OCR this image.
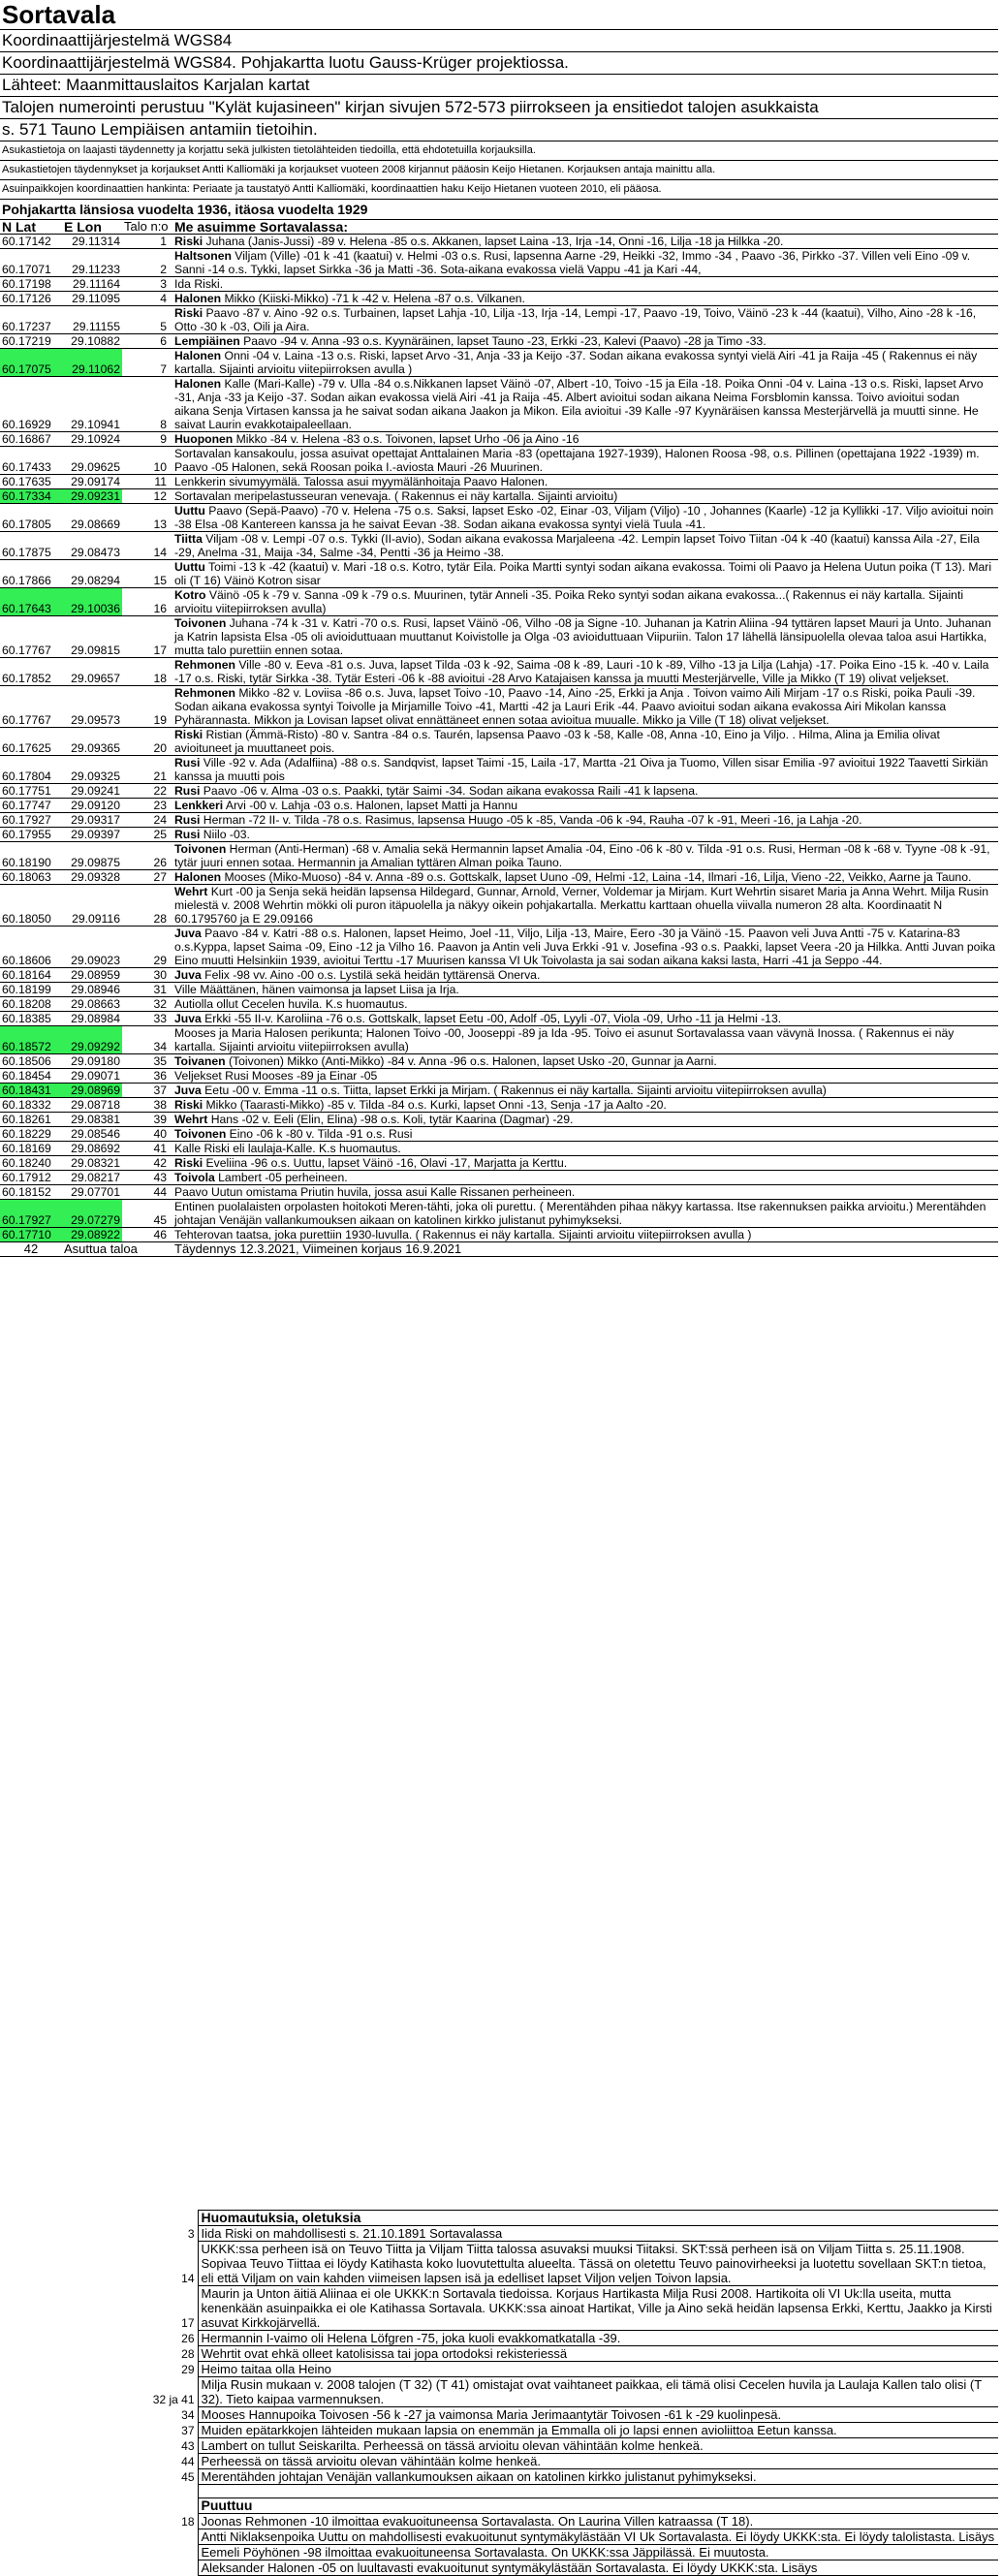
Sortavala
Koordinaattijärjestelmä WGS84
Koordinaattijärjestelmä WGS84. Pohjakartta luotu Gauss-Krüger projektiossa.
Lähteet: Maanmittauslaitos Karjalan kartat
Talojen numerointi perustuu "Kylät kujasineen" kirjan sivujen 572-573 piirrokseen ja ensitiedot talojen asukkaista
s. 571 Tauno Lempiäisen antamiin tietoihin.
Asukastietoja on laajasti täydennetty ja korjattu sekä julkisten tietolähteiden tiedoilla, että ehdotetuilla korjauksilla.
Asukastietojen täydennykset ja korjaukset Antti Kalliomäki ja korjaukset vuoteen 2008 kirjannut pääosin Keijo Hietanen. Korjauksen antaja mainittu alla.
Asuinpaikkojen koordinaattien hankinta: Periaate ja taustatyö Antti Kalliomäki, koordinaattien haku Keijo Hietanen vuoteen 2010, eli pääosa.
Pohjakartta länsiosa vuodelta 1936, itäosa vuodelta 1929
N Lat	E Lon	Talo n:o	Me asuimme Sortavalassa:
60.17142	29.11314	1	Riski Juhana (Janis-Jussi) -89 v. Helena -85 o.s. Akkanen, lapset Laina -13, Irja -14, Onni -16, Lilja -18 ja Hilkka -20.
60.17071	29.11233	2	Haltsonen Viljam (Ville) -01 k -41 (kaatui) v. Helmi -03 o.s. Rusi, lapsenna Aarne -29, Heikki -32, Immo -34 , Paavo -36, Pirkko -37. Villen veli Eino -09 v. Sanni -14 o.s. Tykki, lapset Sirkka -36 ja Matti -36. Sota-aikana evakossa vielä Vappu -41 ja Kari -44,
60.17198	29.11164	3	Ida Riski.
60.17126	29.11095	4	Halonen Mikko (Kiiski-Mikko) -71 k -42 v. Helena -87 o.s. Vilkanen.
60.17237	29.11155	5	Riski Paavo -87 v. Aino -92 o.s. Turbainen, lapset Lahja -10, Lilja -13, Irja -14, Lempi -17, Paavo -19, Toivo, Väinö -23 k -44 (kaatui), Vilho, Aino -28 k -16, Otto -30 k -03, Oili ja Aira.
60.17219	29.10882	6	Lempiäinen Paavo -94 v. Anna -93 o.s. Kyynäräinen, lapset Tauno -23, Erkki -23, Kalevi (Paavo) -28 ja Timo -33.
60.17075	29.11062	7	Halonen Onni -04 v. Laina -13 o.s. Riski, lapset Arvo -31, Anja -33 ja Keijo -37. Sodan aikana evakossa syntyi vielä Airi -41 ja Raija -45 ( Rakennus ei näy kartalla. Sijainti arvioitu viitepiirroksen avulla )
60.16929	29.10941	8	Halonen Kalle (Mari-Kalle) -79 v. Ulla -84 o.s.Nikkanen lapset Väinö -07, Albert -10, Toivo -15 ja Eila -18. Poika Onni -04 v. Laina -13 o.s. Riski, lapset Arvo -31, Anja -33 ja Keijo -37. Sodan aikan evakossa vielä Airi -41 ja Raija -45. Albert avioitui sodan aikana Neima Forsblomin kanssa. Toivo avioitui sodan aikana Senja Virtasen kanssa ja he saivat sodan aikana Jaakon ja Mikon. Eila avioitui -39 Kalle -97 Kyynäräisen kanssa Mesterjärvellä ja muutti sinne. He saivat Laurin evakkotaipaleellaan.
60.16867	29.10924	9	Huoponen Mikko -84 v. Helena -83 o.s. Toivonen, lapset Urho -06 ja Aino -16
60.17433	29.09625	10	Sortavalan kansakoulu, jossa asuivat opettajat Anttalainen Maria -83 (opettajana 1927-1939), Halonen Roosa -98, o.s. Pillinen (opettajana 1922 -1939) m. Paavo -05 Halonen, sekä Roosan poika I.-aviosta Mauri -26 Muurinen.
60.17635	29.09174	11	Lenkkerin sivumyymälä. Talossa asui myymälänhoitaja Paavo Halonen.
60.17334	29.09231	12	Sortavalan meripelastusseuran venevaja. ( Rakennus ei näy kartalla. Sijainti arvioitu)
60.17805	29.08669	13	Uuttu Paavo (Sepä-Paavo) -70 v. Helena -75 o.s. Saksi, lapset Esko -02, Einar -03, Viljam (Viljo) -10 , Johannes (Kaarle) -12 ja Kyllikki -17. Viljo avioitui noin -38 Elsa -08 Kantereen kanssa ja he saivat Eevan -38. Sodan aikana evakossa syntyi vielä Tuula -41.
60.17875	29.08473	14	Tiitta Viljam -08 v. Lempi -07 o.s. Tykki (II-avio), Sodan aikana evakossa Marjaleena -42. Lempin lapset Toivo Tiitan -04 k -40 (kaatui) kanssa Aila -27, Eila -29, Anelma -31, Maija -34, Salme -34, Pentti -36 ja Heimo -38.
60.17866	29.08294	15	Uuttu Toimi -13 k -42 (kaatui) v. Mari -18 o.s. Kotro, tytär Eila. Poika Martti syntyi sodan aikana evakossa. Toimi oli Paavo ja Helena Uutun poika (T 13). Mari oli (T 16) Väinö Kotron sisar
60.17643	29.10036	16	Kotro Väinö -05 k -79 v. Sanna -09 k -79 o.s. Muurinen, tytär Anneli -35. Poika Reko syntyi sodan aikana evakossa...( Rakennus ei näy kartalla. Sijainti arvioitu viitepiirroksen avulla)
60.17767	29.09815	17	Toivonen Juhana -74 k -31 v. Katri -70 o.s. Rusi, lapset Väinö -06, Vilho -08 ja Signe -10. Juhanan ja Katrin Aliina -94 tyttären lapset Mauri ja Unto. Juhanan ja Katrin lapsista Elsa -05 oli avioiduttuaan muuttanut Koivistolle ja Olga -03 avioiduttuaan Viipuriin. Talon 17 lähellä länsipuolella olevaa taloa asui Hartikka, mutta talo purettiin ennen sotaa.
60.17852	29.09657	18	Rehmonen Ville -80 v. Eeva -81 o.s. Juva, lapset Tilda -03 k -92, Saima -08 k -89, Lauri -10 k -89, Vilho -13 ja Lilja (Lahja) -17. Poika Eino -15 k. -40 v. Laila -17 o.s. Riski, tytär Sirkka -38. Tytär Esteri -06 k -88 avioitui -28 Arvo Katajaisen kanssa ja muutti Mesterjärvelle, Ville ja Mikko (T 19) olivat veljekset.
60.17767	29.09573	19	Rehmonen Mikko -82 v. Loviisa -86 o.s. Juva, lapset Toivo -10, Paavo -14, Aino -25, Erkki ja Anja . Toivon vaimo Aili Mirjam -17 o.s Riski, poika Pauli -39. Sodan aikana evakossa syntyi Toivolle ja Mirjamille Toivo -41, Martti -42 ja Lauri Erik -44. Paavo avioitui sodan aikana evakossa Airi Mikolan kanssa Pyhärannasta. Mikkon ja Lovisan lapset olivat ennättäneet ennen sotaa avioitua muualle. Mikko ja Ville (T 18) olivat veljekset.
60.17625	29.09365	20	Riski Ristian (Ämmä-Risto) -80 v. Santra -84 o.s. Taurén, lapsensa Paavo -03 k -58, Kalle -08, Anna -10, Eino ja Viljo. . Hilma, Alina ja Emilia olivat avioituneet ja muuttaneet pois.
60.17804	29.09325	21	Rusi Ville -92 v. Ada (Adalfiina) -88 o.s. Sandqvist, lapset Taimi -15, Laila -17, Martta -21 Oiva ja Tuomo, Villen sisar Emilia -97 avioitui 1922 Taavetti Sirkiän kanssa ja muutti pois
60.17751	29.09241	22	Rusi Paavo -06 v. Alma -03 o.s. Paakki, tytär Saimi -34. Sodan aikana evakossa Raili -41 k lapsena.
60.17747	29.09120	23	Lenkkeri Arvi -00 v. Lahja -03 o.s. Halonen, lapset Matti ja Hannu
60.17927	29.09317	24	Rusi Herman -72 II- v. Tilda -78 o.s. Rasimus, lapsensa Huugo -05 k -85, Vanda -06 k -94, Rauha -07 k -91, Meeri -16, ja Lahja -20.
60.17955	29.09397	25	Rusi Niilo -03.
60.18190	29.09875	26	Toivonen Herman (Anti-Herman) -68 v. Amalia sekä Hermannin lapset Amalia -04, Eino -06 k -80 v. Tilda -91 o.s. Rusi, Herman -08 k -68 v. Tyyne -08 k -91, tytär juuri ennen sotaa. Hermannin ja Amalian tyttären Alman poika Tauno.
60.18063	29.09328	27	Halonen Mooses (Miko-Muoso) -84 v. Anna -89 o.s. Gottskalk, lapset Uuno -09, Helmi -12, Laina -14, Ilmari -16, Lilja, Vieno -22, Veikko, Aarne ja Tauno.
60.18050	29.09116	28	Wehrt Kurt -00 ja Senja sekä heidän lapsensa Hildegard, Gunnar, Arnold, Verner, Voldemar ja Mirjam. Kurt Wehrtin sisaret Maria ja Anna Wehrt. Milja Rusin mielestä v. 2008 Wehrtin mökki oli puron itäpuolella ja näkyy oikein pohjakartalla. Merkattu karttaan ohuella viivalla numeron 28 alta. Koordinaatit N 60.1795760 ja E 29.09166
60.18606	29.09023	29	Juva Paavo -84 v. Katri -88 o.s. Halonen, lapset Heimo, Joel -11, Viljo, Lilja -13, Maire, Eero -30 ja Väinö -15. Paavon veli Juva Antti -75 v. Katarina-83 o.s.Kyppa, lapset Saima -09, Eino -12 ja Vilho 16. Paavon ja Antin veli Juva Erkki -91 v. Josefina -93 o.s. Paakki, lapset Veera -20 ja Hilkka. Antti Juvan poika Eino muutti Helsinkiin 1939, avioitui Terttu -17 Muurisen kanssa VI Uk Toivolasta ja sai sodan aikana kaksi lasta, Harri -41 ja Seppo -44.
60.18164	29.08959	30	Juva Felix -98 vv. Aino -00 o.s. Lystilä sekä heidän tyttärensä Onerva.
60.18199	29.08946	31	Ville Määttänen, hänen vaimonsa ja lapset Liisa ja Irja.
60.18208	29.08663	32	Autiolla ollut Cecelen huvila. K.s huomautus.
60.18385	29.08984	33	Juva Erkki -55 II-v. Karoliina -76 o.s. Gottskalk, lapset Eetu -00, Adolf -05, Lyyli -07, Viola -09, Urho -11 ja Helmi -13.
60.18572	29.09292	34	Mooses ja Maria Halosen perikunta; Halonen Toivo -00, Jooseppi -89 ja Ida -95. Toivo ei asunut Sortavalassa vaan vävynä Inossa. ( Rakennus ei näy kartalla. Sijainti arvioitu viitepiirroksen avulla)
60.18506	29.09180	35	Toivanen (Toivonen) Mikko (Anti-Mikko) -84 v. Anna -96 o.s. Halonen, lapset Usko -20, Gunnar ja Aarni.
60.18454	29.09071	36	Veljekset Rusi Mooses -89 ja Einar -05
60.18431	29.08969	37	Juva Eetu -00 v. Emma -11 o.s. Tiitta, lapset Erkki ja Mirjam. ( Rakennus ei näy kartalla. Sijainti arvioitu viitepiirroksen avulla)
60.18332	29.08718	38	Riski Mikko (Taarasti-Mikko) -85 v. Tilda -84 o.s. Kurki, lapset Onni -13, Senja -17 ja Aalto -20.
60.18261	29.08381	39	Wehrt Hans -02 v. Eeli (Elin, Elina) -98 o.s. Koli, tytär Kaarina (Dagmar) -29.
60.18229	29.08546	40	Toivonen Eino -06 k -80 v. Tilda -91 o.s. Rusi
60.18169	29.08692	41	Kalle Riski eli laulaja-Kalle. K.s huomautus.
60.18240	29.08321	42	Riski Eveliina -96 o.s. Uuttu, lapset Väinö -16, Olavi -17, Marjatta ja Kerttu.
60.17912	29.08217	43	Toivola Lambert -05 perheineen.
60.18152	29.07701	44	Paavo Uutun omistama Priutin huvila, jossa asui Kalle Rissanen perheineen.
60.17927	29.07279	45	Entinen puolalaisten orpolasten hoitokoti Meren-tähti, joka oli purettu. ( Merentähden pihaa näkyy kartassa. Itse rakennuksen paikka arvioitu.) Merentähden johtajan Venäjän vallankumouksen aikaan on katolinen kirkko julistanut pyhimykseksi.
60.17710	29.08922	46	Tehterovan taatsa, joka purettiin 1930-luvulla. ( Rakennus ei näy kartalla. Sijainti arvioitu viitepiirroksen avulla )
42	Asuttua taloa		Täydennys 12.3.2021, Viimeinen korjaus 16.9.2021
	Huomautuksia, oletuksia
3	Iida Riski on mahdollisesti s. 21.10.1891 Sortavalassa
14	UKKK:ssa perheen isä on Teuvo Tiitta ja Viljam Tiitta talossa asuvaksi muuksi Tiitaksi. SKT:ssä perheen isä on Viljam Tiitta s. 25.11.1908. Sopivaa Teuvo Tiittaa ei löydy Katihasta koko luovutettulta alueelta. Tässä on oletettu Teuvo painovirheeksi ja luotettu sovellaan SKT:n tietoa, eli että Viljam on vain kahden viimeisen lapsen isä ja edelliset lapset Viljon veljen Toivon lapsia.
17	Maurin ja Unton äitiä Aliinaa ei ole UKKK:n Sortavala tiedoissa. Korjaus Hartikasta Milja Rusi 2008. Hartikoita oli VI Uk:lla useita, mutta kenenkään asuinpaikka ei ole Katihassa Sortavala. UKKK:ssa ainoat Hartikat, Ville ja Aino sekä heidän lapsensa Erkki, Kerttu, Jaakko ja Kirsti asuvat Kirkkojärvellä.
26	Hermannin I-vaimo oli Helena Löfgren -75, joka kuoli evakkomatkatalla -39.
28	Wehrtit ovat ehkä olleet katolisissa tai jopa ortodoksi rekisteriessä
29	Heimo taitaa olla Heino
32 ja 41	Milja Rusin mukaan v. 2008 talojen (T 32) (T 41) omistajat ovat vaihtaneet paikkaa, eli tämä olisi Cecelen huvila ja Laulaja Kallen talo olisi (T 32). Tieto kaipaa varmennuksen.
34	Mooses Hannupoika Toivosen -56 k -27 ja vaimonsa Maria Jerimaantytär Toivosen -61 k -29 kuolinpesä.
37	Muiden epätarkkojen lähteiden mukaan lapsia on enemmän ja Emmalla oli jo lapsi ennen avioliittoa Eetun kanssa.
43	Lambert on tullut Seiskarilta. Perheessä on tässä arvioitu olevan vähintään kolme henkeä.
44	Perheessä on tässä arvioitu olevan vähintään kolme henkeä.
45	Merentähden johtajan Venäjän vallankumouksen aikaan on katolinen kirkko julistanut pyhimykseksi.

	Puuttuu
18	Joonas Rehmonen -10 ilmoittaa evakuoituneensa Sortavalasta. On Laurina Villen katraassa (T 18).
	Antti Niklaksenpoika Uuttu on mahdollisesti evakuoitunut syntymäkylästään VI Uk Sortavalasta. Ei löydy UKKK:sta. Ei löydy talolistasta. Lisäys
	Eemeli Pöyhönen -98 ilmoittaa evakuoituneensa Sortavalasta. On UKKK:ssa Jäppilässä. Ei muutosta.
	Aleksander Halonen -05 on luultavasti evakuoitunut syntymäkylästään Sortavalasta. Ei löydy UKKK:sta. Lisäys
